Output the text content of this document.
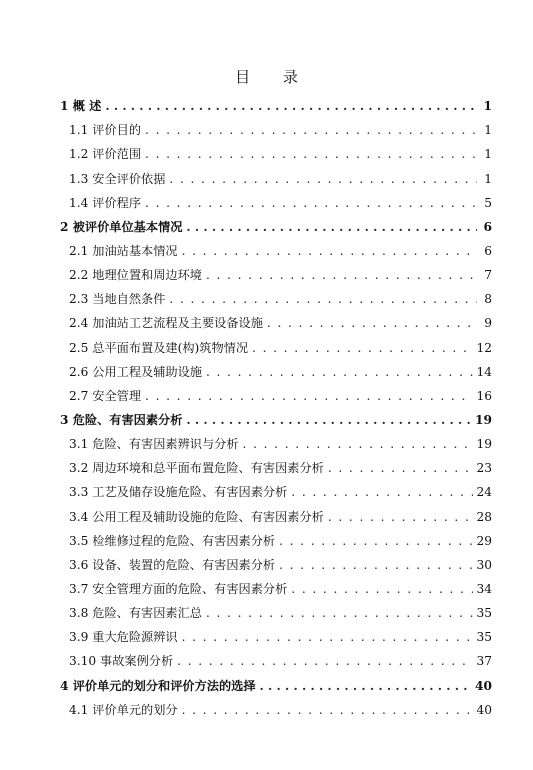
目 录
1 概 述 . . .	1
1.1 评价目的 . . .	1
1.2 评价范围 . . .	1
1.3 安全评价依据 . . .	1
1.4 评价程序 . . .	5
2 被评价单位基本情况 . . .	6
2.1 加油站基本情况 . . .	6
2.2 地理位置和周边环境 . . .	7
2.3 当地自然条件 . . .	8
2.4 加油站工艺流程及主要设备设施 . . .	9
2.5 总平面布置及建(构)筑物情况 . . .	12
2.6 公用工程及辅助设施 . . .	14
2.7 安全管理 . . .	16
3 危险、有害因素分析 . . .	19
3.1 危险、有害因素辨识与分析 . . .	19
3.2 周边环境和总平面布置危险、有害因素分析 . . .	23
3.3 工艺及储存设施危险、有害因素分析 . . .	24
3.4 公用工程及辅助设施的危险、有害因素分析 . . .	28
3.5 检维修过程的危险、有害因素分析 . . .	29
3.6 设备、装置的危险、有害因素分析 . . .	30
3.7 安全管理方面的危险、有害因素分析 . . .	34
3.8 危险、有害因素汇总 . . .	35
3.9 重大危险源辨识 . . .	35
3.10 事故案例分析 . . .	37
4 评价单元的划分和评价方法的选择 . . .	40
4.1 评价单元的划分 . . .	40
